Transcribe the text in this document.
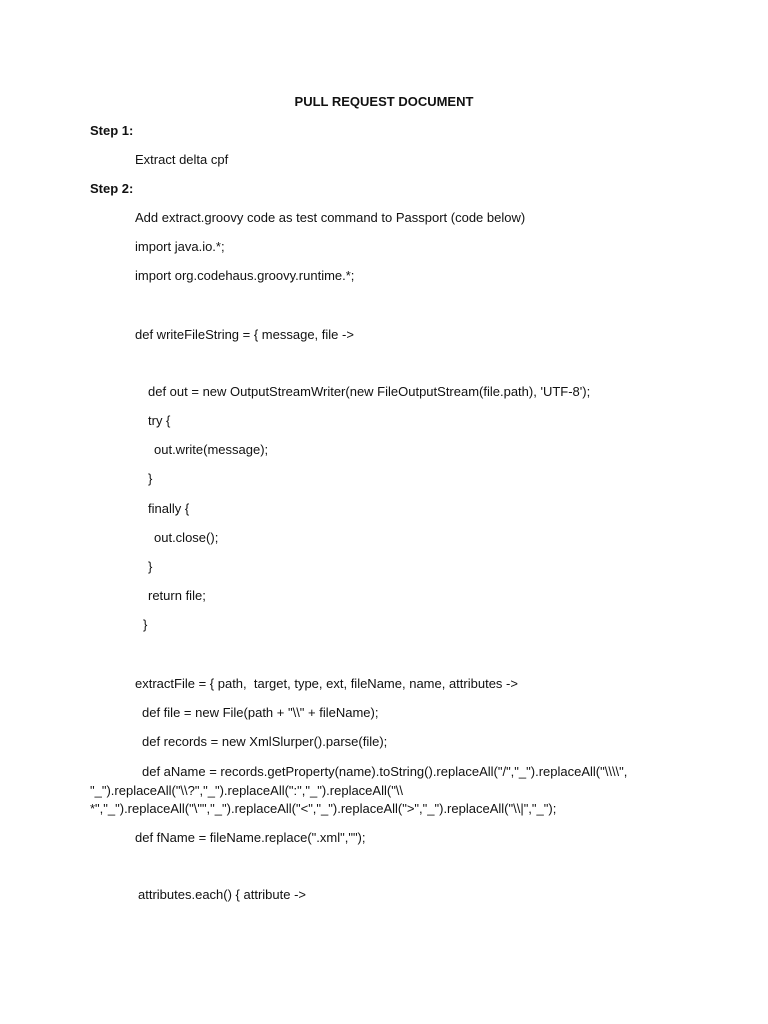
PULL REQUEST DOCUMENT
Step 1:
Extract delta cpf
Step 2:
Add extract.groovy code as test command to Passport (code below)
import java.io.*;
import org.codehaus.groovy.runtime.*;
def writeFileString = { message, file ->
def out = new OutputStreamWriter(new FileOutputStream(file.path), 'UTF-8');
try {
out.write(message);
}
finally {
out.close();
}
return file;
}
extractFile = { path,  target, type, ext, fileName, name, attributes ->
def file = new File(path + "\\" + fileName);
def records = new XmlSlurper().parse(file);
def aName = records.getProperty(name).toString().replaceAll("/","_").replaceAll("\\\\",
"_").replaceAll("\\?","_").replaceAll(":","_").replaceAll("\\
*","_").replaceAll("\"","_").replaceAll("<","_").replaceAll(">","_").replaceAll("\\|","_");
def fName = fileName.replace(".xml","");
attributes.each() { attribute ->
